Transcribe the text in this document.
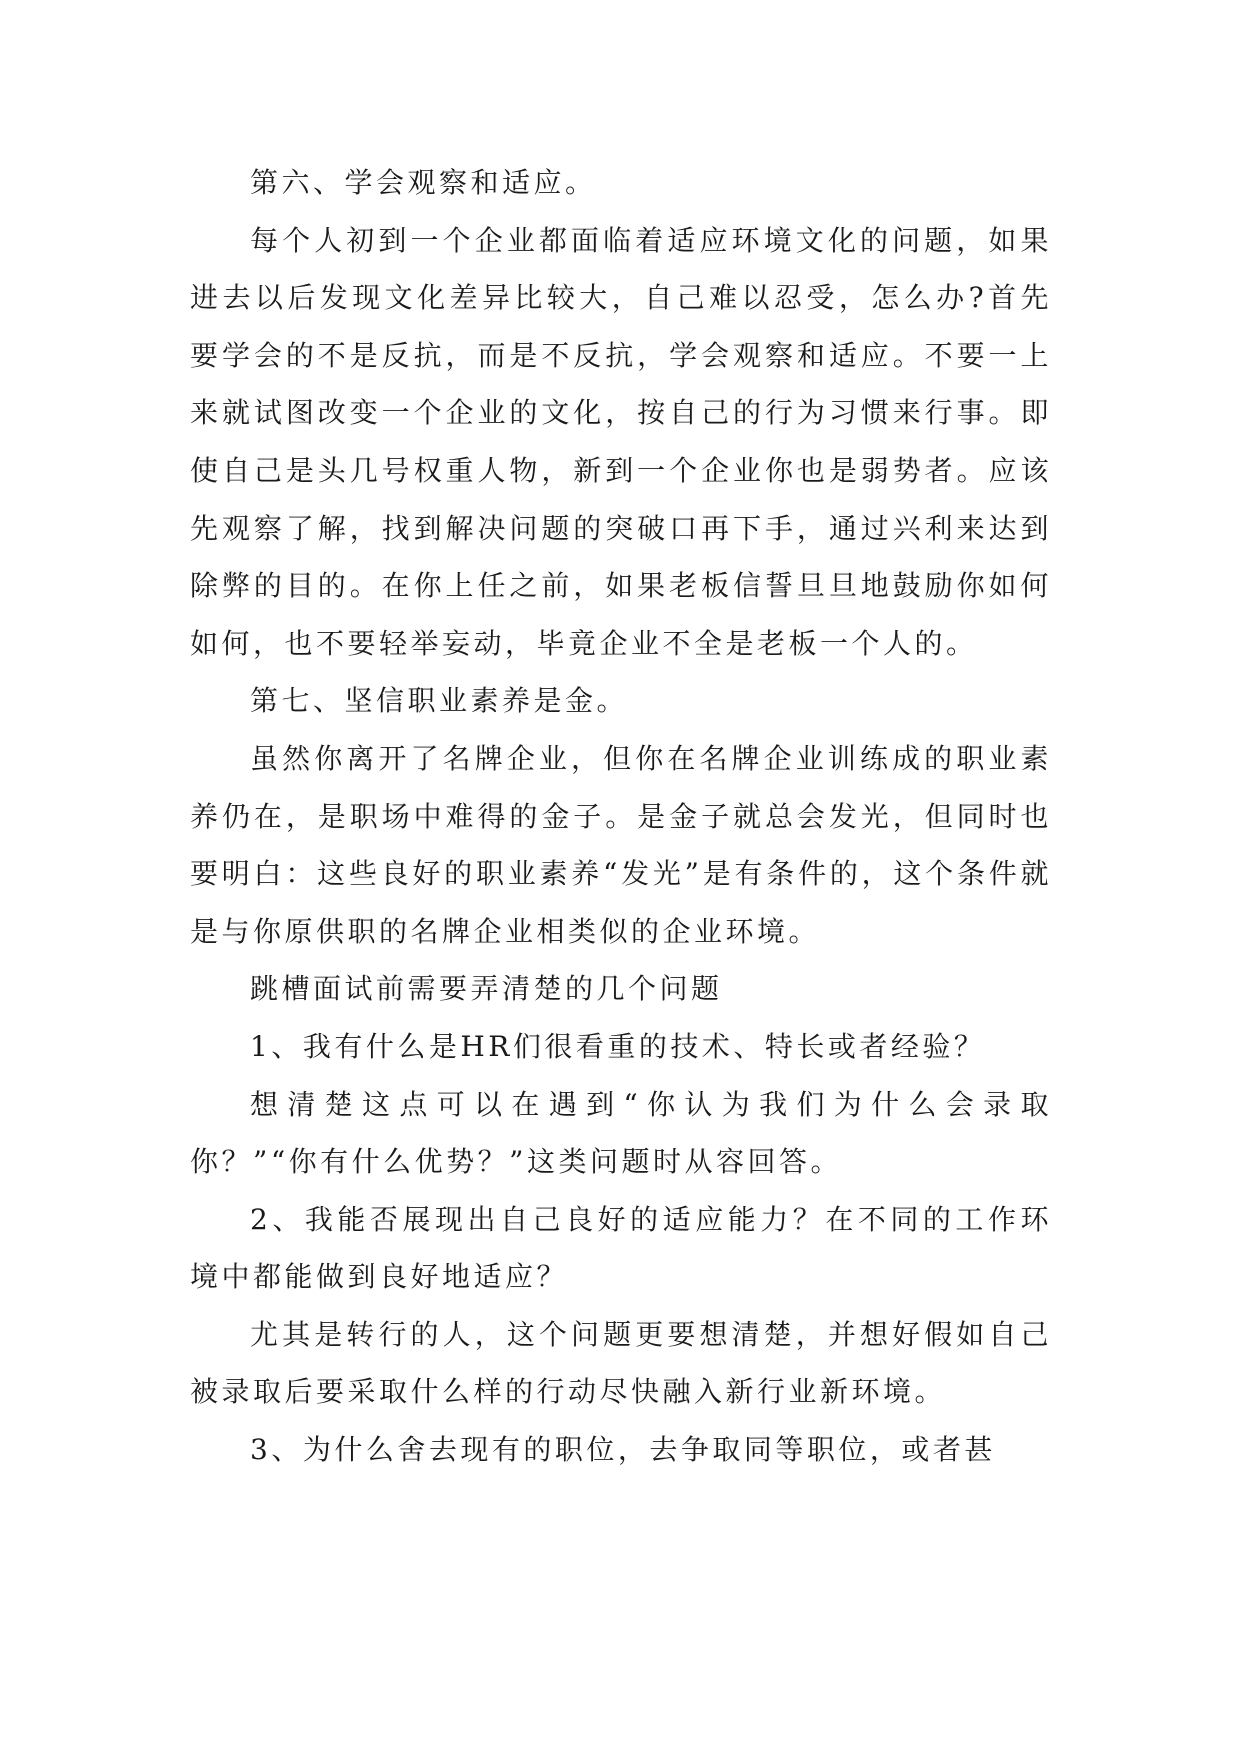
第六、学会观察和适应。

每个人初到一个企业都面临着适应环境文化的问题，如果进去以后发现文化差异比较大，自己难以忍受，怎么办?首先要学会的不是反抗，而是不反抗，学会观察和适应。不要一上来就试图改变一个企业的文化，按自己的行为习惯来行事。即使自己是头几号权重人物，新到一个企业你也是弱势者。应该先观察了解，找到解决问题的突破口再下手，通过兴利来达到除弊的目的。在你上任之前，如果老板信誓旦旦地鼓励你如何如何，也不要轻举妄动，毕竟企业不全是老板一个人的。

第七、坚信职业素养是金。

虽然你离开了名牌企业，但你在名牌企业训练成的职业素养仍在，是职场中难得的金子。是金子就总会发光，但同时也要明白：这些良好的职业素养“发光”是有条件的，这个条件就是与你原供职的名牌企业相类似的企业环境。

跳槽面试前需要弄清楚的几个问题

1、我有什么是HR们很看重的技术、特长或者经验？

想清楚这点可以在遇到“你认为我们为什么会录取你？”“你有什么优势？”这类问题时从容回答。

2、我能否展现出自己良好的适应能力？在不同的工作环境中都能做到良好地适应？

尤其是转行的人，这个问题更要想清楚，并想好假如自己被录取后要采取什么样的行动尽快融入新行业新环境。

3、为什么舍去现有的职位，去争取同等职位，或者甚
